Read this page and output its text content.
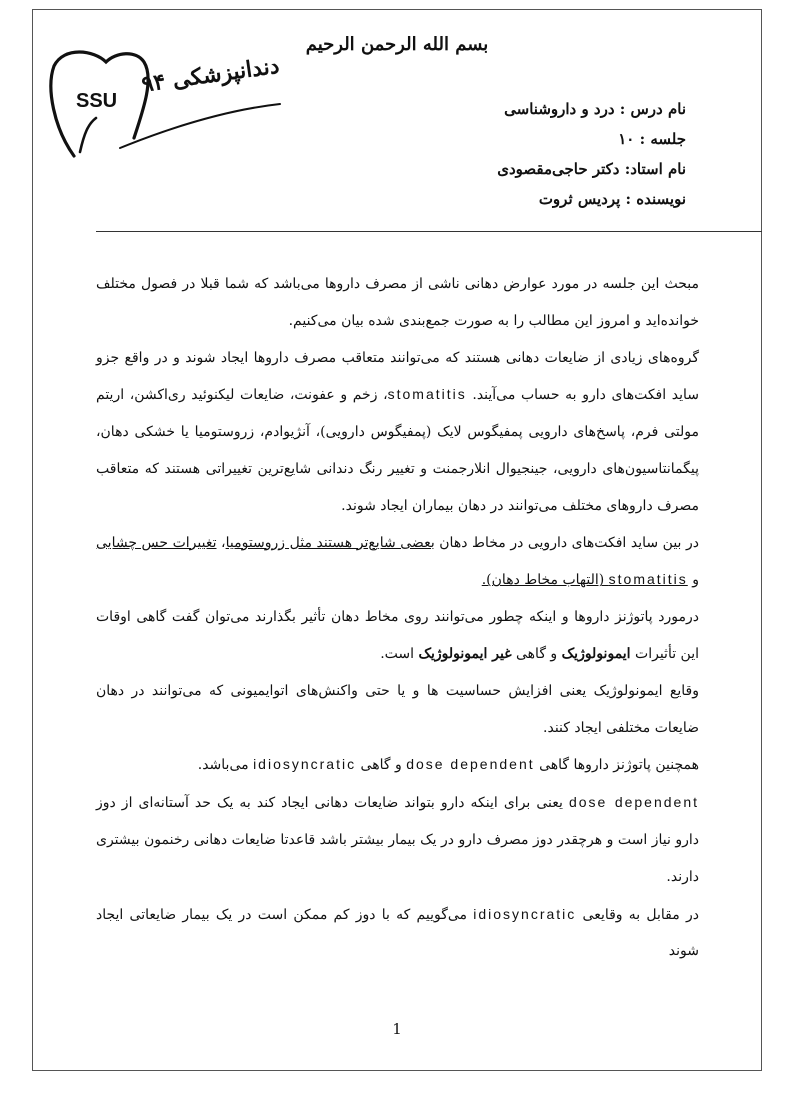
بسم الله الرحمن الرحیم
دندانپزشکی ۹۴
SSU	نام درس : درد و داروشناسی
جلسه : ۱۰
نام استاد: دکتر حاجی‌مقصودی
نویسنده : پردیس ثروت

مبحث این جلسه در مورد عوارض دهانی ناشی از مصرف داروها می‌باشد که شما قبلا در فصول مختلف خوانده‌اید و امروز این مطالب را به صورت جمع‌بندی شده بیان می‌کنیم.

گروه‌های زیادی از ضایعات دهانی هستند که می‌توانند متعاقب مصرف داروها ایجاد شوند و در واقع جزو ساید افکت‌های دارو به حساب می‌آیند. stomatitis، زخم و عفونت، ضایعات لیکنوئید ری‌اکشن، اریتم مولتی فرم، پاسخ‌های دارویی پمفیگوس لایک (پمفیگوس دارویی)، آنژیوادم، زروستومیا یا خشکی دهان، پیگمانتاسیون‌های دارویی، جینجیوال انلارجمنت و تغییر رنگ دندانی شایع‌ترین تغییراتی هستند که متعاقب مصرف داروهای مختلف می‌توانند در دهان بیماران ایجاد شوند.

در بین ساید افکت‌های دارویی در مخاط دهان بعضی شایع‌تر هستند مثل زروستومیا، تغییرات حس چشایی و stomatitis (التهاب مخاط دهان).

درمورد پاتوژنز داروها و اینکه چطور می‌توانند روی مخاط دهان تأثیر بگذارند می‌توان گفت گاهی اوقات این تأثیرات ایمونولوژیک و گاهی غیر ایمونولوژیک است.

وقایع ایمونولوژیک یعنی افزایش حساسیت ها و یا حتی واکنش‌های اتوایمیونی که می‌توانند در دهان ضایعات مختلفی ایجاد کنند.

همچنین پاتوژنز داروها گاهی dose dependent و گاهی idiosyncratic می‌باشد.

dose dependent یعنی برای اینکه دارو بتواند ضایعات دهانی ایجاد کند به یک حد آستانه‌ای از دوز دارو نیاز است و هرچقدر دوز مصرف دارو در یک بیمار بیشتر باشد قاعدتا ضایعات دهانی رخنمون بیشتری دارند.

در مقابل به وقایعی idiosyncratic می‌گوییم که با دوز کم ممکن است در یک بیمار ضایعاتی ایجاد شوند

1
